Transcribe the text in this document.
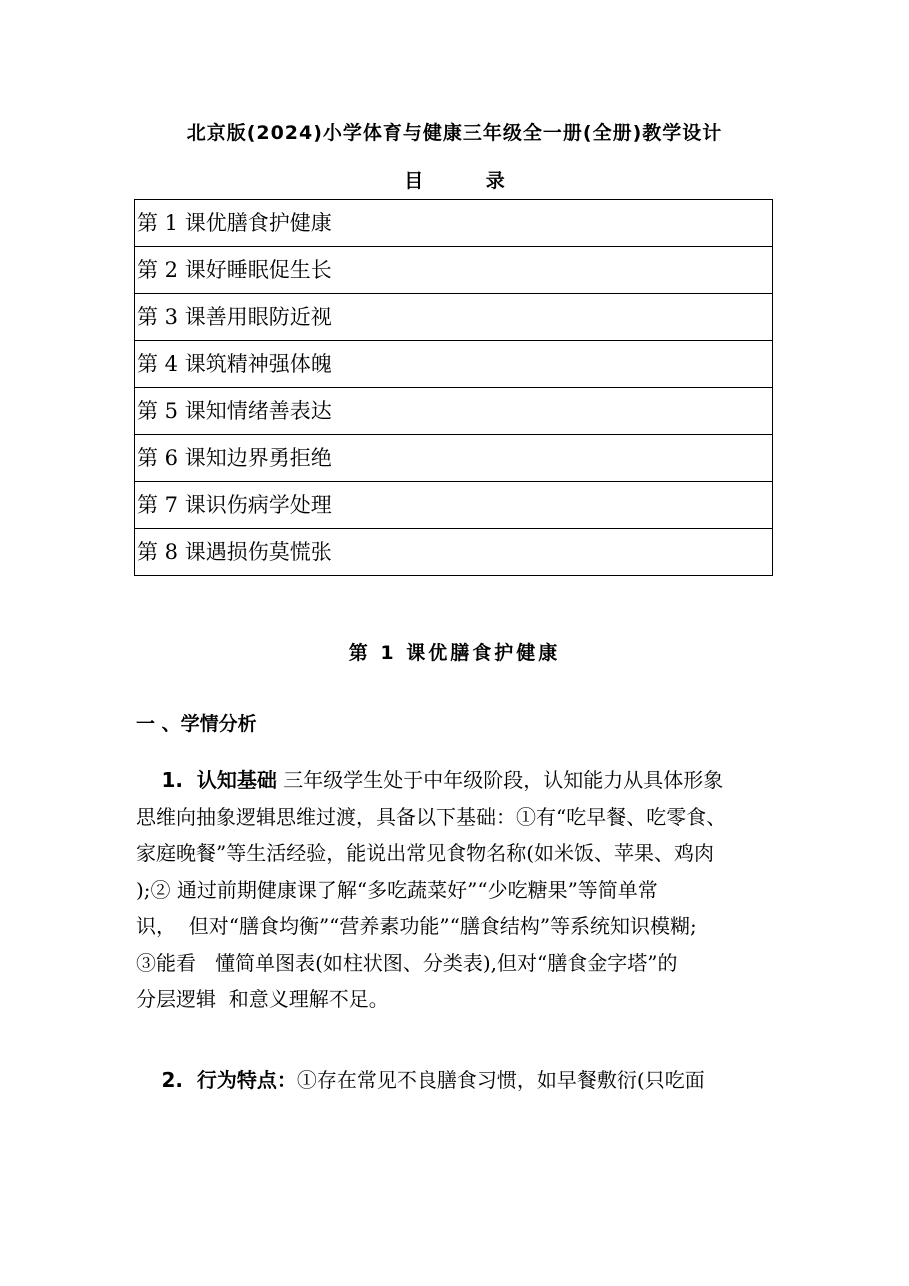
北京版(2024)小学体育与健康三年级全一册(全册)教学设计
目 录
第 1 课优膳食护健康
第 2 课好睡眠促生长
第 3 课善用眼防近视
第 4 课筑精神强体魄
第 5 课知情绪善表达
第 6 课知边界勇拒绝
第 7 课识伤病学处理
第 8 课遇损伤莫慌张
第 1 课优膳食护健康
一 、学情分析
1.  认知基础 三年级学生处于中年级阶段，认知能力从具体形象
思维向抽象逻辑思维过渡，具备以下基础：①有“吃早餐、吃零食、
家庭晚餐”等生活经验，能说出常见食物名称(如米饭、苹果、鸡肉
);② 通过前期健康课了解“多吃蔬菜好”“少吃糖果”等简单常
识，  但对“膳食均衡”“营养素功能”“膳食结构”等系统知识模糊;
③能看   懂简单图表(如柱状图、分类表),但对“膳食金字塔”的
分层逻辑  和意义理解不足。
2.  行为特点：①存在常见不良膳食习惯，如早餐敷衍(只吃面
